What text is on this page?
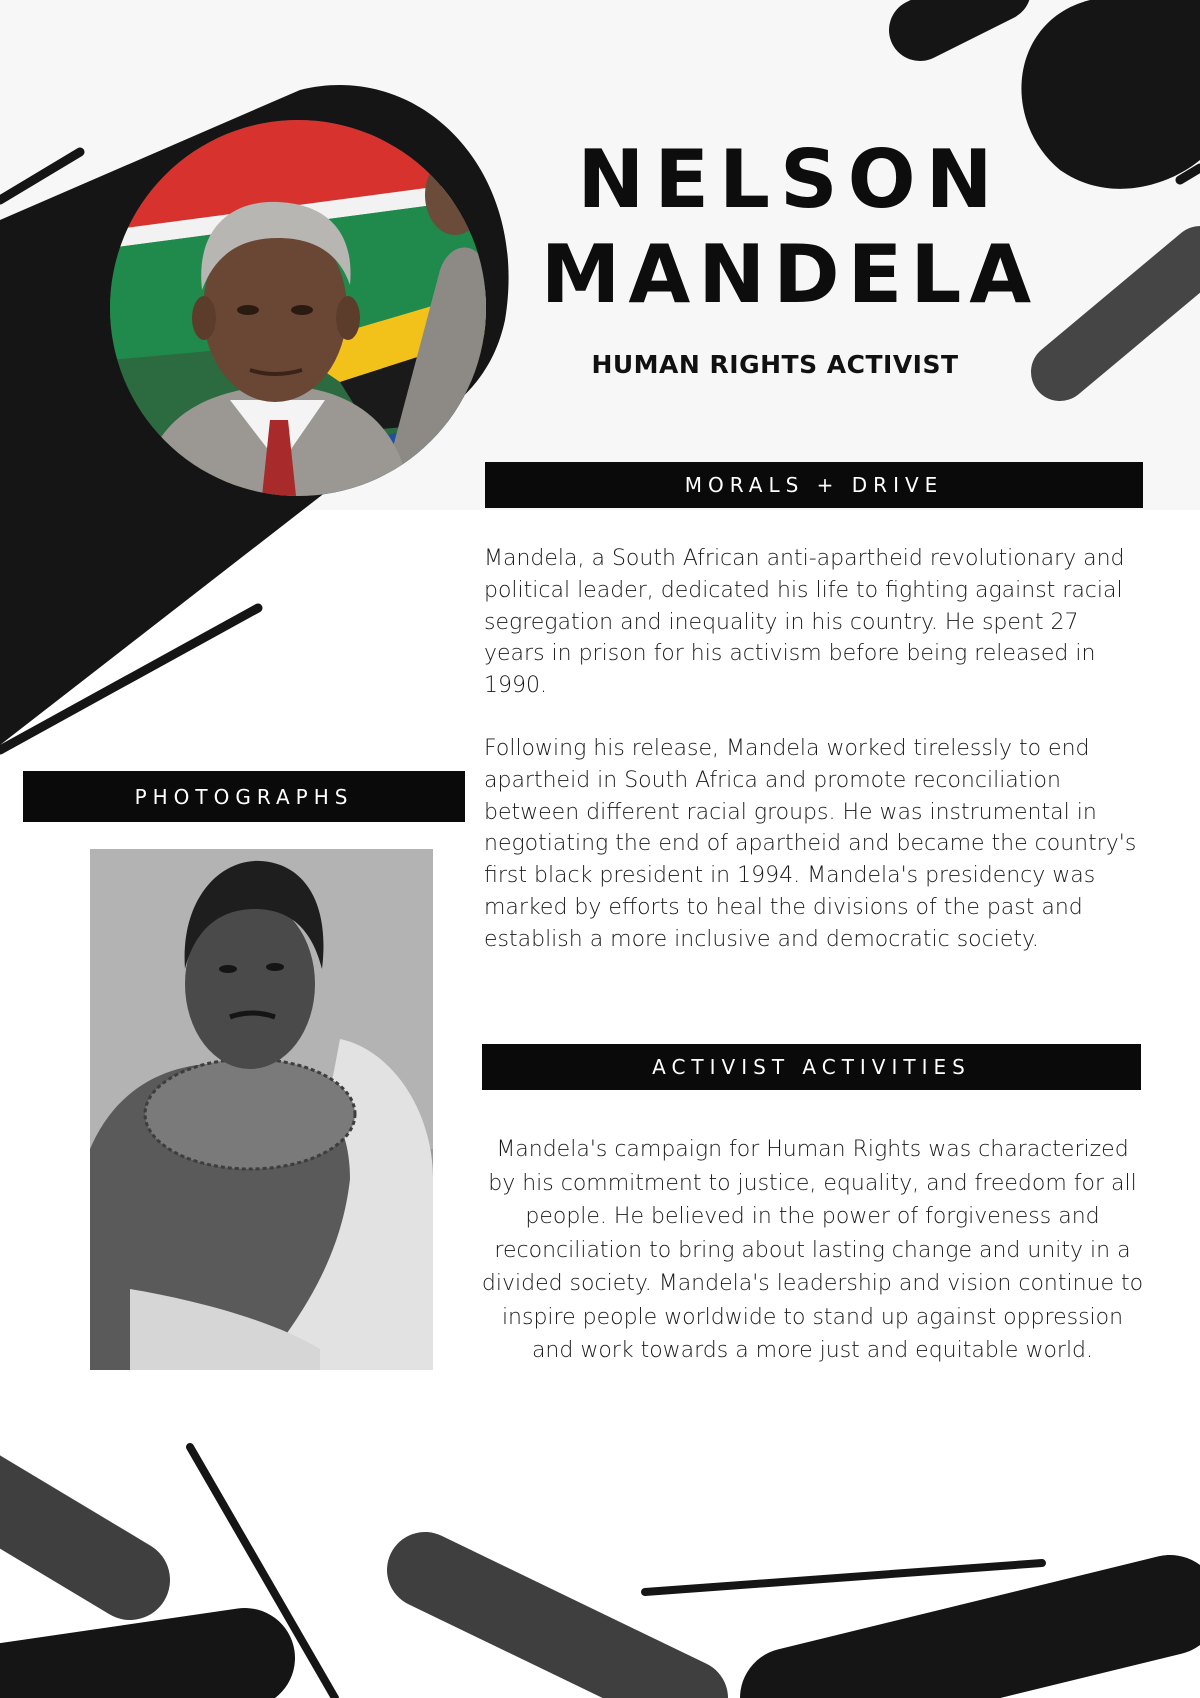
NELSON
MANDELA
HUMAN RIGHTS ACTIVIST
MORALS + DRIVE

Mandela, a South African anti-apartheid revolutionary and political leader, dedicated his life to fighting against racial segregation and inequality in his country. He spent 27 years in prison for his activism before being released in 1990.

Following his release, Mandela worked tirelessly to end apartheid in South Africa and promote reconciliation between different racial groups. He was instrumental in negotiating the end of apartheid and became the country's first black president in 1994. Mandela's presidency was marked by efforts to heal the divisions of the past and establish a more inclusive and democratic society.

PHOTOGRAPHS
ACTIVIST ACTIVITIES

Mandela's campaign for Human Rights was characterized by his commitment to justice, equality, and freedom for all people. He believed in the power of forgiveness and reconciliation to bring about lasting change and unity in a divided society. Mandela's leadership and vision continue to inspire people worldwide to stand up against oppression and work towards a more just and equitable world.
